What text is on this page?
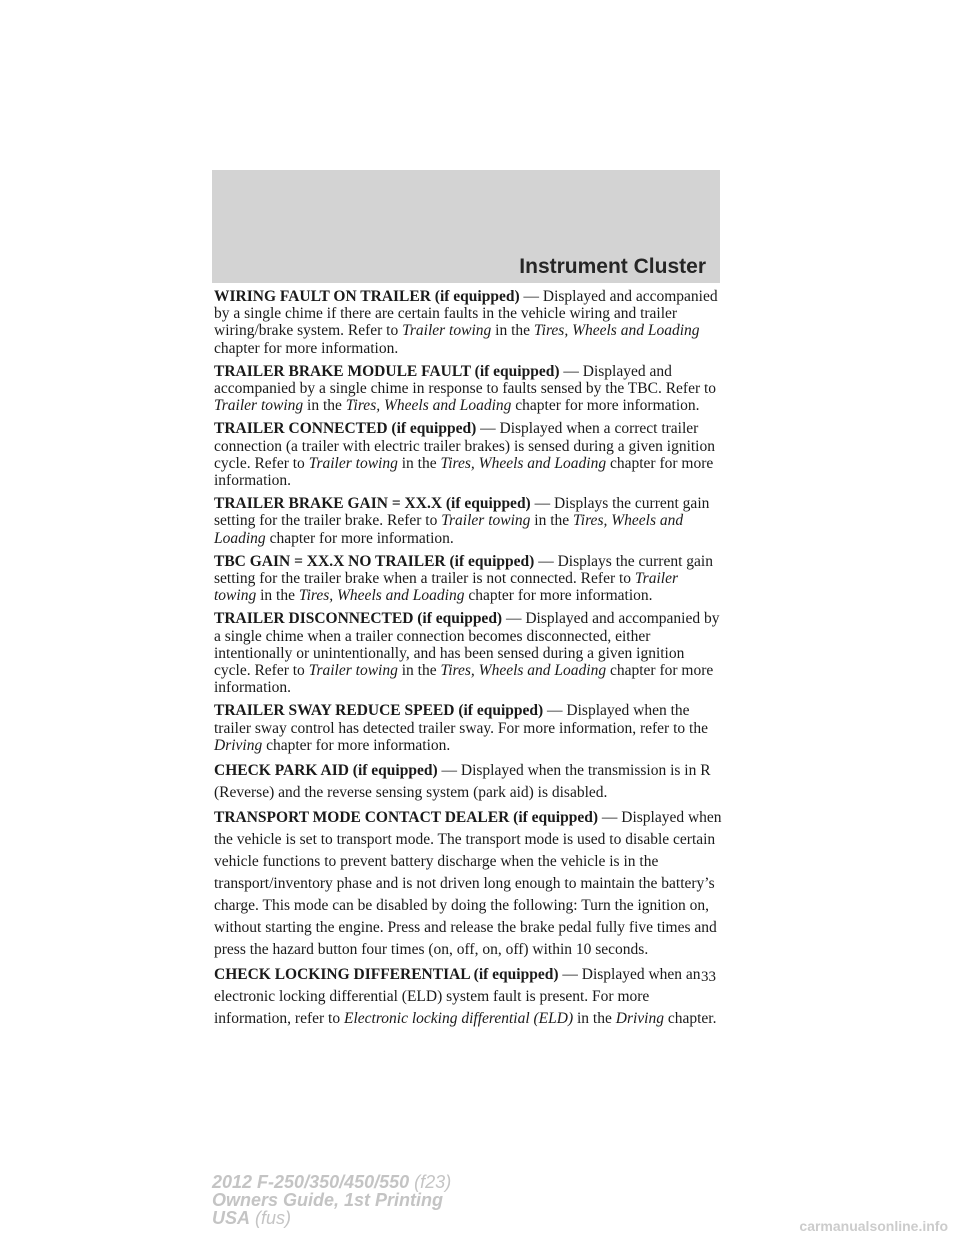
Instrument Cluster

WIRING FAULT ON TRAILER (if equipped) — Displayed and accompanied by a single chime if there are certain faults in the vehicle wiring and trailer wiring/brake system. Refer to Trailer towing in the Tires, Wheels and Loading chapter for more information.

TRAILER BRAKE MODULE FAULT (if equipped) — Displayed and accompanied by a single chime in response to faults sensed by the TBC. Refer to Trailer towing in the Tires, Wheels and Loading chapter for more information.

TRAILER CONNECTED (if equipped) — Displayed when a correct trailer connection (a trailer with electric trailer brakes) is sensed during a given ignition cycle. Refer to Trailer towing in the Tires, Wheels and Loading chapter for more information.

TRAILER BRAKE GAIN = XX.X (if equipped) — Displays the current gain setting for the trailer brake. Refer to Trailer towing in the Tires, Wheels and Loading chapter for more information.

TBC GAIN = XX.X NO TRAILER (if equipped) — Displays the current gain setting for the trailer brake when a trailer is not connected. Refer to Trailer towing in the Tires, Wheels and Loading chapter for more information.

TRAILER DISCONNECTED (if equipped) — Displayed and accompanied by a single chime when a trailer connection becomes disconnected, either intentionally or unintentionally, and has been sensed during a given ignition cycle. Refer to Trailer towing in the Tires, Wheels and Loading chapter for more information.

TRAILER SWAY REDUCE SPEED (if equipped) — Displayed when the trailer sway control has detected trailer sway. For more information, refer to the Driving chapter for more information.

CHECK PARK AID (if equipped) — Displayed when the transmission is in R (Reverse) and the reverse sensing system (park aid) is disabled.

TRANSPORT MODE CONTACT DEALER (if equipped) — Displayed when the vehicle is set to transport mode. The transport mode is used to disable certain vehicle functions to prevent battery discharge when the vehicle is in the transport/inventory phase and is not driven long enough to maintain the battery’s charge. This mode can be disabled by doing the following: Turn the ignition on, without starting the engine. Press and release the brake pedal fully five times and press the hazard button four times (on, off, on, off) within 10 seconds.

CHECK LOCKING DIFFERENTIAL (if equipped) — Displayed when an electronic locking differential (ELD) system fault is present. For more information, refer to Electronic locking differential (ELD) in the Driving chapter.

33
2012 F-250/350/450/550 (f23)
Owners Guide, 1st Printing
USA (fus)	carmanualsonline.info
